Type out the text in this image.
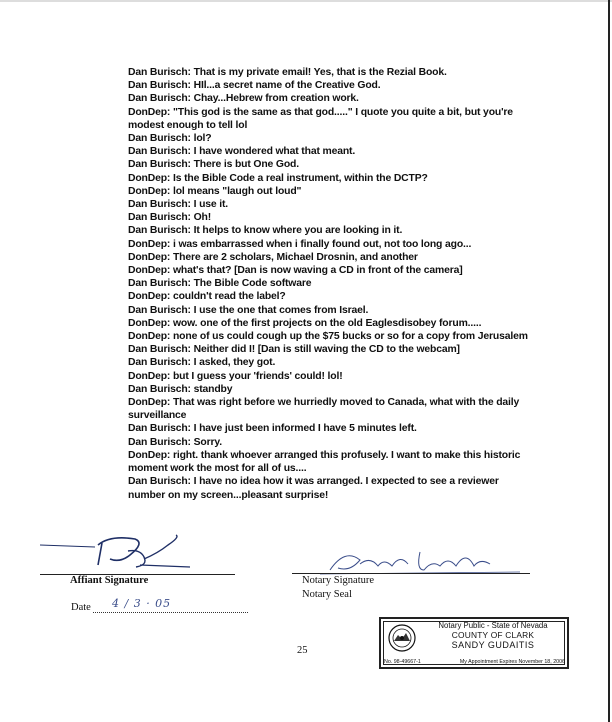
Dan Burisch: That is my private email! Yes, that is the Rezial Book.
Dan Burisch: HIl...a secret name of the Creative God.
Dan Burisch: Chay...Hebrew from creation work.
DonDep: "This god is the same as that god....." I quote you quite a bit, but you're modest enough to tell lol
Dan Burisch: lol?
Dan Burisch: I have wondered what that meant.
Dan Burisch: There is but One God.
DonDep: Is the Bible Code a real instrument, within the DCTP?
DonDep: lol means "laugh out loud"
Dan Burisch: I use it.
Dan Burisch: Oh!
Dan Burisch: It helps to know where you are looking in it.
DonDep: i was embarrassed when i finally found out, not too long ago...
DonDep: There are 2 scholars, Michael Drosnin, and another
DonDep: what's that? [Dan is now waving a CD in front of the camera]
Dan Burisch: The Bible Code software
DonDep: couldn't read the label?
Dan Burisch: I use the one that comes from Israel.
DonDep: wow. one of the first projects on the old Eaglesdisobey forum.....
DonDep: none of us could cough up the $75 bucks or so for a copy from Jerusalem
Dan Burisch: Neither did I! [Dan is still waving the CD to the webcam]
Dan Burisch: I asked, they got.
DonDep: but I guess your 'friends' could! lol!
Dan Burisch: standby
DonDep: That was right before we hurriedly moved to Canada, what with the daily surveillance
Dan Burisch: I have just been informed I have 5 minutes left.
Dan Burisch: Sorry.
DonDep: right. thank whoever arranged this profusely. I want to make this historic moment work the most for all of us....
Dan Burisch: I have no idea how it was arranged. I expected to see a reviewer number on my screen...pleasant surprise!
Affiant Signature	Notary Signature
Notary Seal
Date 4 / 3 · 05
25
Notary Public - State of Nevada
COUNTY OF CLARK
SANDY GUDAITIS
No. 98-49667-1	My Appointment Expires November 18, 2006
